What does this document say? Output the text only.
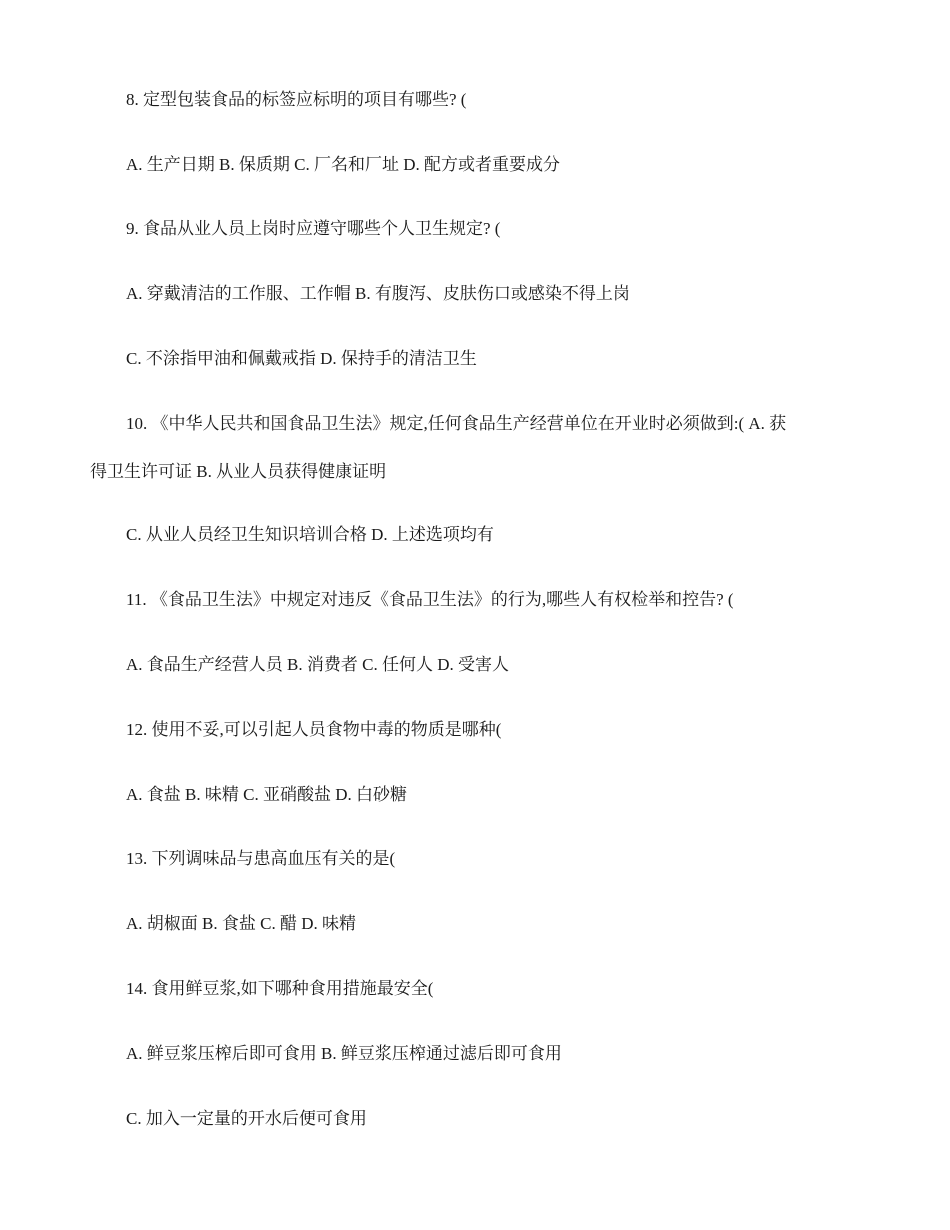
8. 定型包装食品的标签应标明的项目有哪些? (
A. 生产日期 B. 保质期 C. 厂名和厂址 D. 配方或者重要成分
9. 食品从业人员上岗时应遵守哪些个人卫生规定? (
A. 穿戴清洁的工作服、工作帽 B. 有腹泻、皮肤伤口或感染不得上岗
C. 不涂指甲油和佩戴戒指 D. 保持手的清洁卫生
10. 《中华人民共和国食品卫生法》规定,任何食品生产经营单位在开业时必须做到:( A. 获
得卫生许可证 B. 从业人员获得健康证明
C. 从业人员经卫生知识培训合格 D. 上述选项均有
11. 《食品卫生法》中规定对违反《食品卫生法》的行为,哪些人有权检举和控告? (
A. 食品生产经营人员 B. 消费者 C. 任何人 D. 受害人
12. 使用不妥,可以引起人员食物中毒的物质是哪种(
A. 食盐 B. 味精 C. 亚硝酸盐 D. 白砂糖
13. 下列调味品与患高血压有关的是(
A. 胡椒面 B. 食盐 C. 醋 D. 味精
14. 食用鲜豆浆,如下哪种食用措施最安全(
A. 鲜豆浆压榨后即可食用 B. 鲜豆浆压榨通过滤后即可食用
C. 加入一定量的开水后便可食用
